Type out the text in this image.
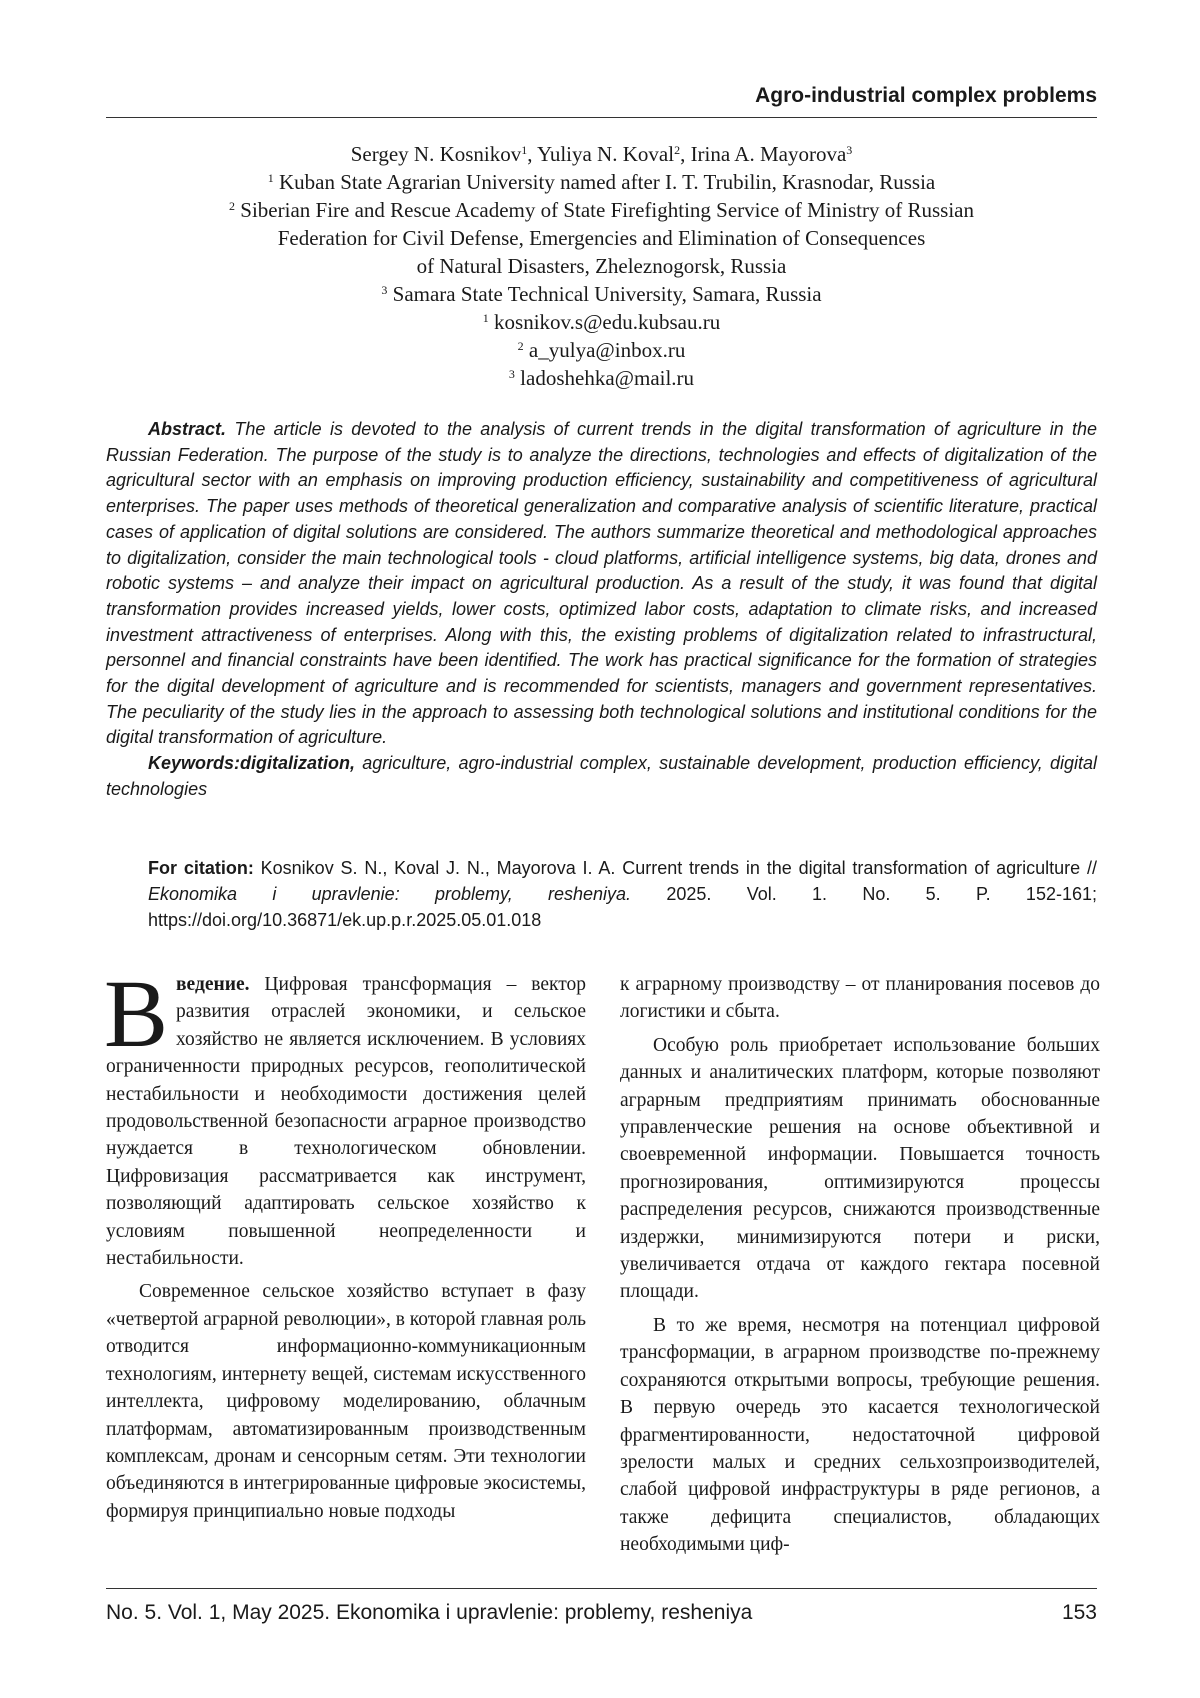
Agro-industrial complex problems
Sergey N. Kosnikov$^1$, Yuliya N. Koval$^2$, Irina A. Mayorova$^3$
$^1$ Kuban State Agrarian University named after I. T. Trubilin, Krasnodar, Russia
$^2$ Siberian Fire and Rescue Academy of State Firefighting Service of Ministry of Russian
Federation for Civil Defense, Emergencies and Elimination of Consequences
of Natural Disasters, Zheleznogorsk, Russia
$^3$ Samara State Technical University, Samara, Russia
$^1$ kosnikov.s@edu.kubsau.ru
$^2$ a_yulya@inbox.ru
$^3$ ladoshehka@mail.ru

Abstract. The article is devoted to the analysis of current trends in the digital transformation of agriculture in the Russian Federation. The purpose of the study is to analyze the directions, technologies and effects of digitalization of the agricultural sector with an emphasis on improving production efficiency, sustainability and competitiveness of agricultural enterprises. The paper uses methods of theoretical generalization and comparative analysis of scientific literature, practical cases of application of digital solutions are considered. The authors summarize theoretical and methodological approaches to digitalization, consider the main technological tools - cloud platforms, artificial intelligence systems, big data, drones and robotic systems – and analyze their impact on agricultural production. As a result of the study, it was found that digital transformation provides increased yields, lower costs, optimized labor costs, adaptation to climate risks, and increased investment attractiveness of enterprises. Along with this, the existing problems of digitalization related to infrastructural, personnel and financial constraints have been identified. The work has practical significance for the formation of strategies for the digital development of agriculture and is recommended for scientists, managers and government representatives. The peculiarity of the study lies in the approach to assessing both technological solutions and institutional conditions for the digital transformation of agriculture.

Keywords:digitalization, agriculture, agro-industrial complex, sustainable development, production efficiency, digital technologies

For citation: Kosnikov S. N., Koval J. N., Mayorova I. A. Current trends in the digital transformation of agriculture // Ekonomika i upravlenie: problemy, resheniya. 2025. Vol. 1. No. 5. P. 152-161; https://doi.org/10.36871/ek.up.p.r.2025.05.01.018

Введение. Цифровая трансформация – вектор развития отраслей экономики, и сельское хозяйство не является исключением. В условиях ограниченности природных ресурсов, геополитической нестабильности и необходимости достижения целей продовольственной безопасности аграрное производство нуждается в технологическом обновлении. Цифровизация рассматривается как инструмент, позволяющий адаптировать сельское хозяйство к условиям повышенной неопределенности и нестабильности.

Современное сельское хозяйство вступает в фазу «четвертой аграрной революции», в которой главная роль отводится информационно-коммуникационным технологиям, интернету вещей, системам искусственного интеллекта, цифровому моделированию, облачным платформам, автоматизированным производственным комплексам, дронам и сенсорным сетям. Эти технологии объединяются в интегрированные цифровые экосистемы, формируя принципиально новые подходы

к аграрному производству – от планирования посевов до логистики и сбыта.

Особую роль приобретает использование больших данных и аналитических платформ, которые позволяют аграрным предприятиям принимать обоснованные управленческие решения на основе объективной и своевременной информации. Повышается точность прогнозирования, оптимизируются процессы распределения ресурсов, снижаются производственные издержки, минимизируются потери и риски, увеличивается отдача от каждого гектара посевной площади.

В то же время, несмотря на потенциал цифровой трансформации, в аграрном производстве по-прежнему сохраняются открытыми вопросы, требующие решения. В первую очередь это касается технологической фрагментированности, недостаточной цифровой зрелости малых и средних сельхозпроизводителей, слабой цифровой инфраструктуры в ряде регионов, а также дефицита специалистов, обладающих необходимыми циф-

No. 5. Vol. 1, May 2025. Ekonomika i upravlenie: problemy, resheniya	153
